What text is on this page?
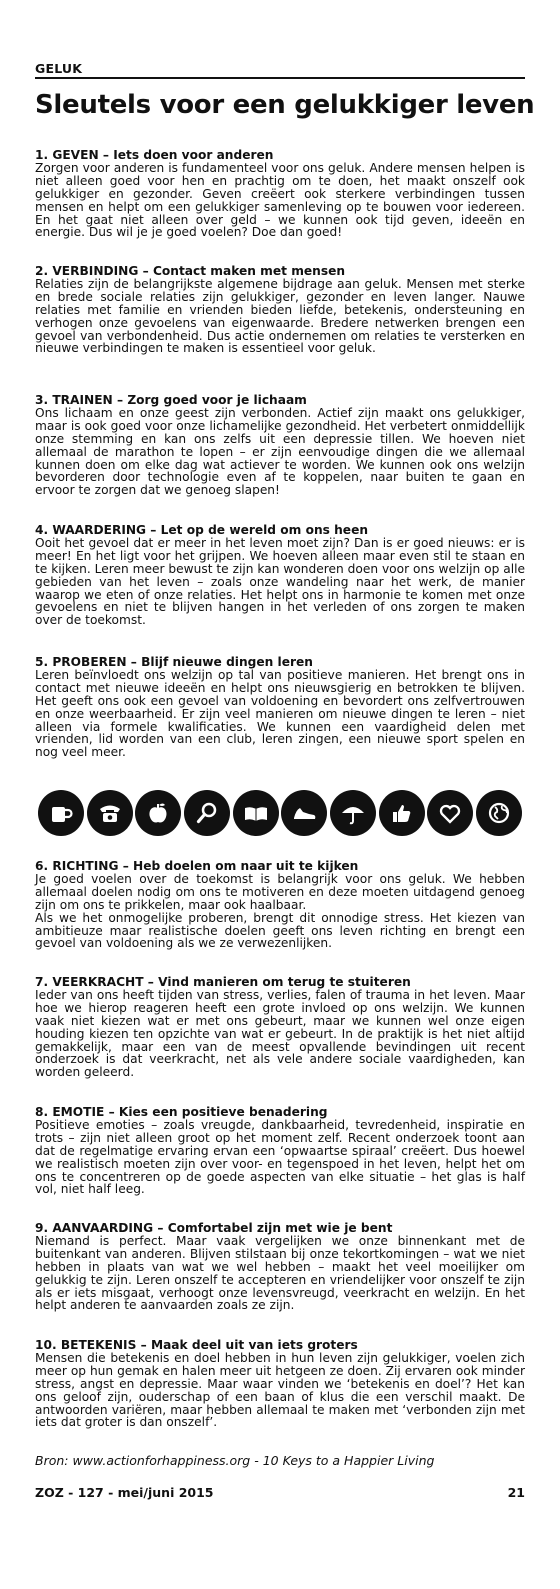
GELUK
Sleutels voor een gelukkiger leven
1. GEVEN – Iets doen voor anderen

Zorgen voor anderen is fundamenteel voor ons geluk. Andere mensen helpen is niet alleen goed voor hen en prachtig om te doen, het maakt onszelf ook gelukkiger en gezonder. Geven creëert ook sterkere verbindingen tussen mensen en helpt om een gelukkiger samenleving op te bouwen voor iedereen. En het gaat niet alleen over geld – we kunnen ook tijd geven, ideeën en energie. Dus wil je je goed voelen? Doe dan goed!

2. VERBINDING – Contact maken met mensen

Relaties zijn de belangrijkste algemene bijdrage aan geluk. Mensen met sterke en brede sociale relaties zijn gelukkiger, gezonder en leven langer. Nauwe relaties met familie en vrienden bieden liefde, betekenis, ondersteuning en verhogen onze gevoelens van eigenwaarde. Bredere netwerken brengen een gevoel van verbondenheid. Dus actie ondernemen om relaties te versterken en nieuwe verbindingen te maken is essentieel voor geluk.

3. TRAINEN – Zorg goed voor je lichaam

Ons lichaam en onze geest zijn verbonden. Actief zijn maakt ons gelukkiger, maar is ook goed voor onze lichamelijke gezondheid. Het verbetert onmiddellijk onze stemming en kan ons zelfs uit een depressie tillen. We hoeven niet allemaal de marathon te lopen – er zijn eenvoudige dingen die we allemaal kunnen doen om elke dag wat actiever te worden. We kunnen ook ons welzijn bevorderen door technologie even af te koppelen, naar buiten te gaan en ervoor te zorgen dat we genoeg slapen!

4. WAARDERING – Let op de wereld om ons heen

Ooit het gevoel dat er meer in het leven moet zijn? Dan is er goed nieuws: er is meer! En het ligt voor het grijpen. We hoeven alleen maar even stil te staan en te kijken. Leren meer bewust te zijn kan wonderen doen voor ons welzijn op alle gebieden van het leven – zoals onze wandeling naar het werk, de manier waarop we eten of onze relaties. Het helpt ons in harmonie te komen met onze gevoelens en niet te blijven hangen in het verleden of ons zorgen te maken over de toekomst.

5. PROBEREN – Blijf nieuwe dingen leren

Leren beïnvloedt ons welzijn op tal van positieve manieren. Het brengt ons in contact met nieuwe ideeën en helpt ons nieuwsgierig en betrokken te blijven. Het geeft ons ook een gevoel van voldoening en bevordert ons zelfvertrouwen en onze weerbaarheid. Er zijn veel manieren om nieuwe dingen te leren – niet alleen via formele kwalificaties. We kunnen een vaardigheid delen met vrienden, lid worden van een club, leren zingen, een nieuwe sport spelen en nog veel meer.

6. RICHTING – Heb doelen om naar uit te kijken

Je goed voelen over de toekomst is belangrijk voor ons geluk. We hebben allemaal doelen nodig om ons te motiveren en deze moeten uitdagend genoeg zijn om ons te prikkelen, maar ook haalbaar.

Als we het onmogelijke proberen, brengt dit onnodige stress. Het kiezen van ambitieuze maar realistische doelen geeft ons leven richting en brengt een gevoel van voldoening als we ze verwezenlijken.

7. VEERKRACHT – Vind manieren om terug te stuiteren

Ieder van ons heeft tijden van stress, verlies, falen of trauma in het leven. Maar hoe we hierop reageren heeft een grote invloed op ons welzijn. We kunnen vaak niet kiezen wat er met ons gebeurt, maar we kunnen wel onze eigen houding kiezen ten opzichte van wat er gebeurt. In de praktijk is het niet altijd gemakkelijk, maar een van de meest opvallende bevindingen uit recent onderzoek is dat veerkracht, net als vele andere sociale vaardigheden, kan worden geleerd.

8. EMOTIE – Kies een positieve benadering

Positieve emoties – zoals vreugde, dankbaarheid, tevredenheid, inspiratie en trots – zijn niet alleen groot op het moment zelf. Recent onderzoek toont aan dat de regelmatige ervaring ervan een ‘opwaartse spiraal’ creëert. Dus hoewel we realistisch moeten zijn over voor- en tegenspoed in het leven, helpt het om ons te concentreren op de goede aspecten van elke situatie – het glas is half vol, niet half leeg.

9. AANVAARDING – Comfortabel zijn met wie je bent

Niemand is perfect. Maar vaak vergelijken we onze binnenkant met de buitenkant van anderen. Blijven stilstaan bij onze tekortkomingen – wat we niet hebben in plaats van wat we wel hebben – maakt het veel moeilijker om gelukkig te zijn. Leren onszelf te accepteren en vriendelijker voor onszelf te zijn als er iets misgaat, verhoogt onze levensvreugd, veerkracht en welzijn. En het helpt anderen te aanvaarden zoals ze zijn.

10. BETEKENIS – Maak deel uit van iets groters

Mensen die betekenis en doel hebben in hun leven zijn gelukkiger, voelen zich meer op hun gemak en halen meer uit hetgeen ze doen. Zij ervaren ook minder stress, angst en depressie. Maar waar vinden we ‘betekenis en doel’? Het kan ons geloof zijn, ouderschap of een baan of klus die een verschil maakt. De antwoorden variëren, maar hebben allemaal te maken met ‘verbonden zijn met iets dat groter is dan onszelf’.

Bron: www.actionforhappiness.org - 10 Keys to a Happier Living
ZOZ - 127 - mei/juni 2015	21
